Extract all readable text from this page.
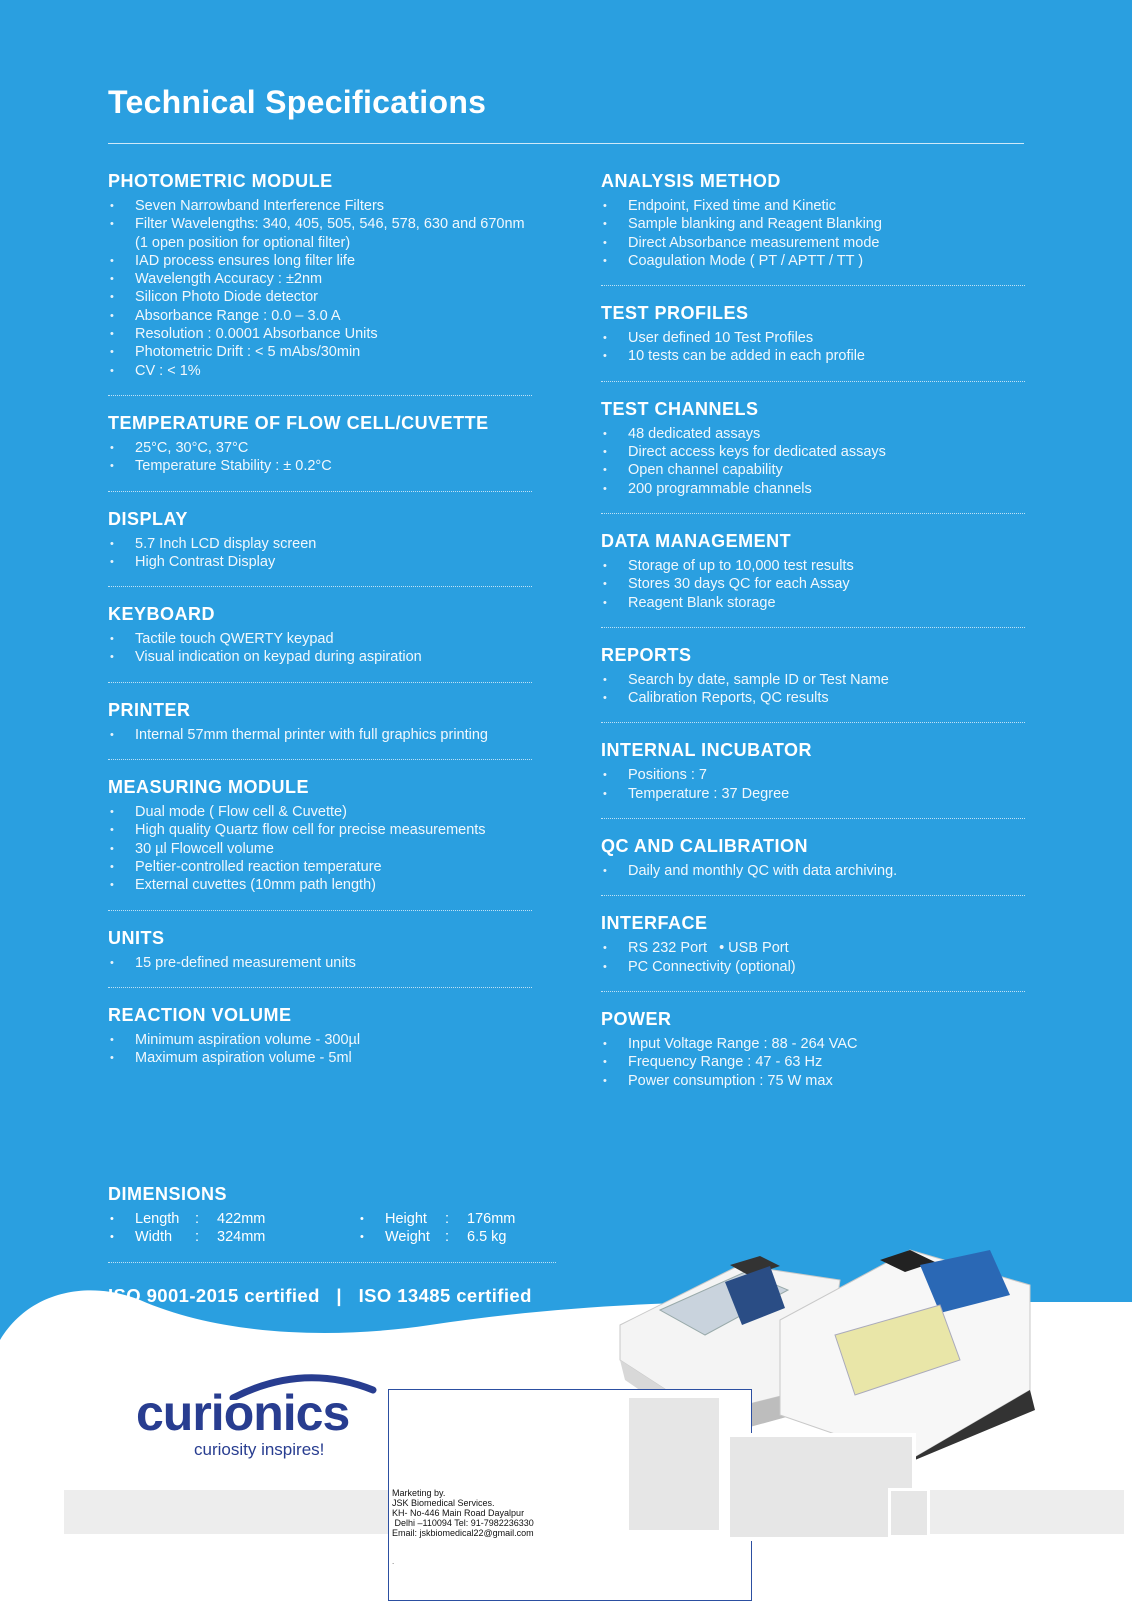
Technical Specifications
PHOTOMETRIC MODULE
• Seven Narrowband Interference Filters
• Filter Wavelengths: 340, 405, 505, 546, 578, 630 and 670nm (1 open position for optional filter)
• IAD process ensures long filter life
• Wavelength Accuracy : ±2nm
• Silicon Photo Diode detector
• Absorbance Range : 0.0 – 3.0 A
• Resolution : 0.0001 Absorbance Units
• Photometric Drift : < 5 mAbs/30min
• CV : < 1%
TEMPERATURE OF FLOW CELL/CUVETTE
• 25°C, 30°C, 37°C
• Temperature Stability : ± 0.2°C
DISPLAY
• 5.7 Inch LCD display screen
• High Contrast Display
KEYBOARD
• Tactile touch QWERTY keypad
• Visual indication on keypad during aspiration
PRINTER
• Internal 57mm thermal printer with full graphics printing
MEASURING MODULE
• Dual mode ( Flow cell & Cuvette)
• High quality Quartz flow cell for precise measurements
• 30 µl Flowcell volume
• Peltier-controlled reaction temperature
• External cuvettes (10mm path length)
UNITS
• 15 pre-defined measurement units
REACTION VOLUME
• Minimum aspiration volume - 300µl
• Maximum aspiration volume - 5ml
ANALYSIS METHOD
• Endpoint, Fixed time and Kinetic
• Sample blanking and Reagent Blanking
• Direct Absorbance measurement mode
• Coagulation Mode ( PT / APTT / TT )
TEST PROFILES
• User defined 10 Test Profiles
• 10 tests can be added in each profile
TEST CHANNELS
• 48 dedicated assays
• Direct access keys for dedicated assays
• Open channel capability
• 200 programmable channels
DATA MANAGEMENT
• Storage of up to 10,000 test results
• Stores 30 days QC for each Assay
• Reagent Blank storage
REPORTS
• Search by date, sample ID or Test Name
• Calibration Reports, QC results
INTERNAL INCUBATOR
• Positions : 7
• Temperature : 37 Degree
QC AND CALIBRATION
• Daily and monthly QC with data archiving.
INTERFACE
• RS 232 Port   • USB Port
• PC Connectivity (optional)
POWER
• Input Voltage Range : 88 - 264 VAC
• Frequency Range : 47 - 63 Hz
• Power consumption : 75 W max
DIMENSIONS
• Length	:	422mm	• Height	:	176mm
• Width	:	324mm	• Weight	:	6.5 kg
ISO 9001-2015 certified   |   ISO 13485 certified
curionics
curiosity inspires!
Marketing by.
JSK Biomedical Services.
KH- No-446 Main Road Dayalpur
Delhi –110094 Tel: 91-7982236330
Email: jskbiomedical22@gmail.com
.
